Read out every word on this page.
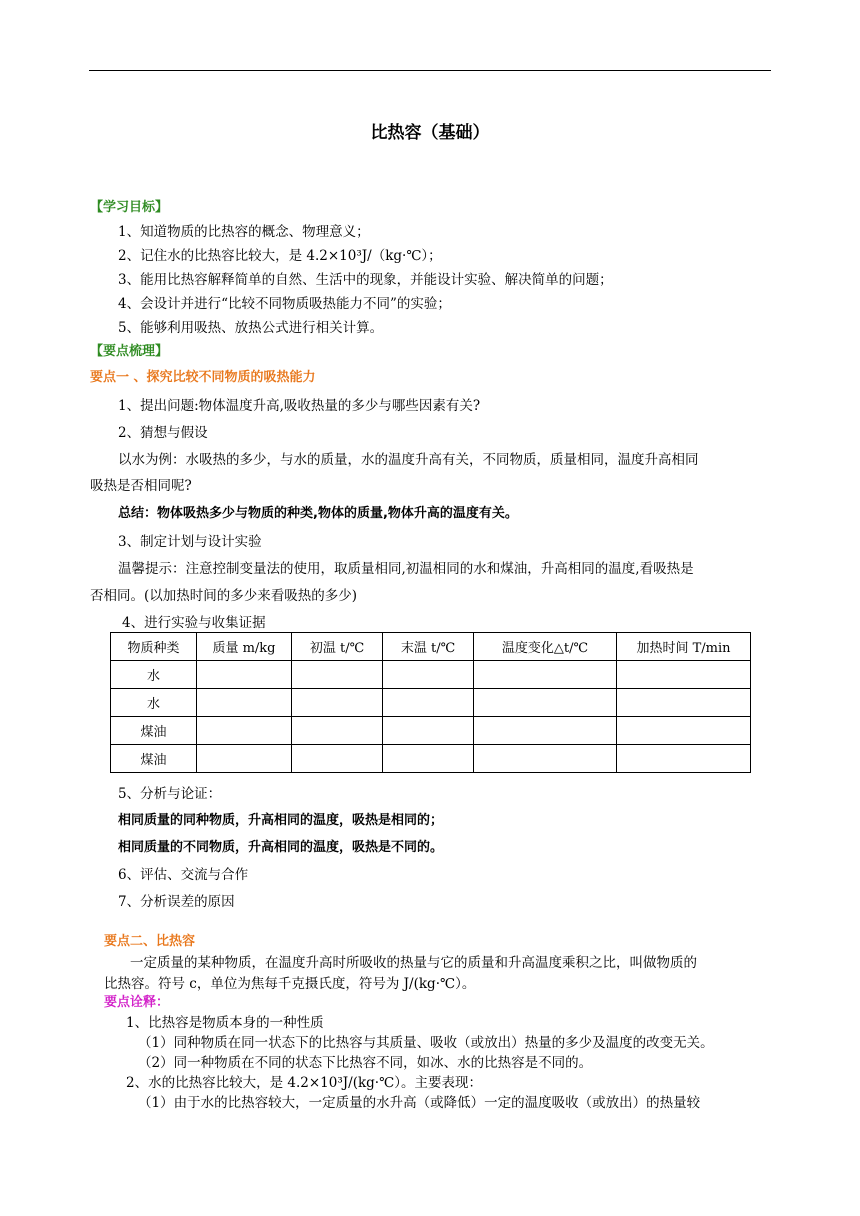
比热容（基础）
【学习目标】
1、知道物质的比热容的概念、物理意义；
2、记住水的比热容比较大，是 4.2×10³J/（kg·℃）；
3、能用比热容解释简单的自然、生活中的现象，并能设计实验、解决简单的问题；
4、会设计并进行“比较不同物质吸热能力不同”的实验；
5、能够利用吸热、放热公式进行相关计算。
【要点梳理】
要点一 、探究比较不同物质的吸热能力
1、提出问题:物体温度升高,吸收热量的多少与哪些因素有关?
2、猜想与假设
以水为例：水吸热的多少，与水的质量，水的温度升高有关，不同物质，质量相同，温度升高相同
吸热是否相同呢?
总结：物体吸热多少与物质的种类,物体的质量,物体升高的温度有关。
3、制定计划与设计实验
温馨提示：注意控制变量法的使用，取质量相同,初温相同的水和煤油，升高相同的温度,看吸热是
否相同。(以加热时间的多少来看吸热的多少)
4、进行实验与收集证据
物质种类	质量 m/kg	初温 t/℃	末温 t/℃	温度变化△t/℃	加热时间 T/min
水					
水					
煤油					
煤油					
5、分析与论证：
相同质量的同种物质，升高相同的温度，吸热是相同的；
相同质量的不同物质，升高相同的温度，吸热是不同的。
6、评估、交流与合作
7、分析误差的原因
要点二、比热容
一定质量的某种物质，在温度升高时所吸收的热量与它的质量和升高温度乘积之比，叫做物质的
比热容。符号 c，单位为焦每千克摄氏度，符号为 J/(kg·℃）。
要点诠释：
1、比热容是物质本身的一种性质
（1）同种物质在同一状态下的比热容与其质量、吸收（或放出）热量的多少及温度的改变无关。
（2）同一种物质在不同的状态下比热容不同，如冰、水的比热容是不同的。
2、水的比热容比较大，是 4.2×10³J/(kg·℃）。主要表现：
（1）由于水的比热容较大，一定质量的水升高（或降低）一定的温度吸收（或放出）的热量较
